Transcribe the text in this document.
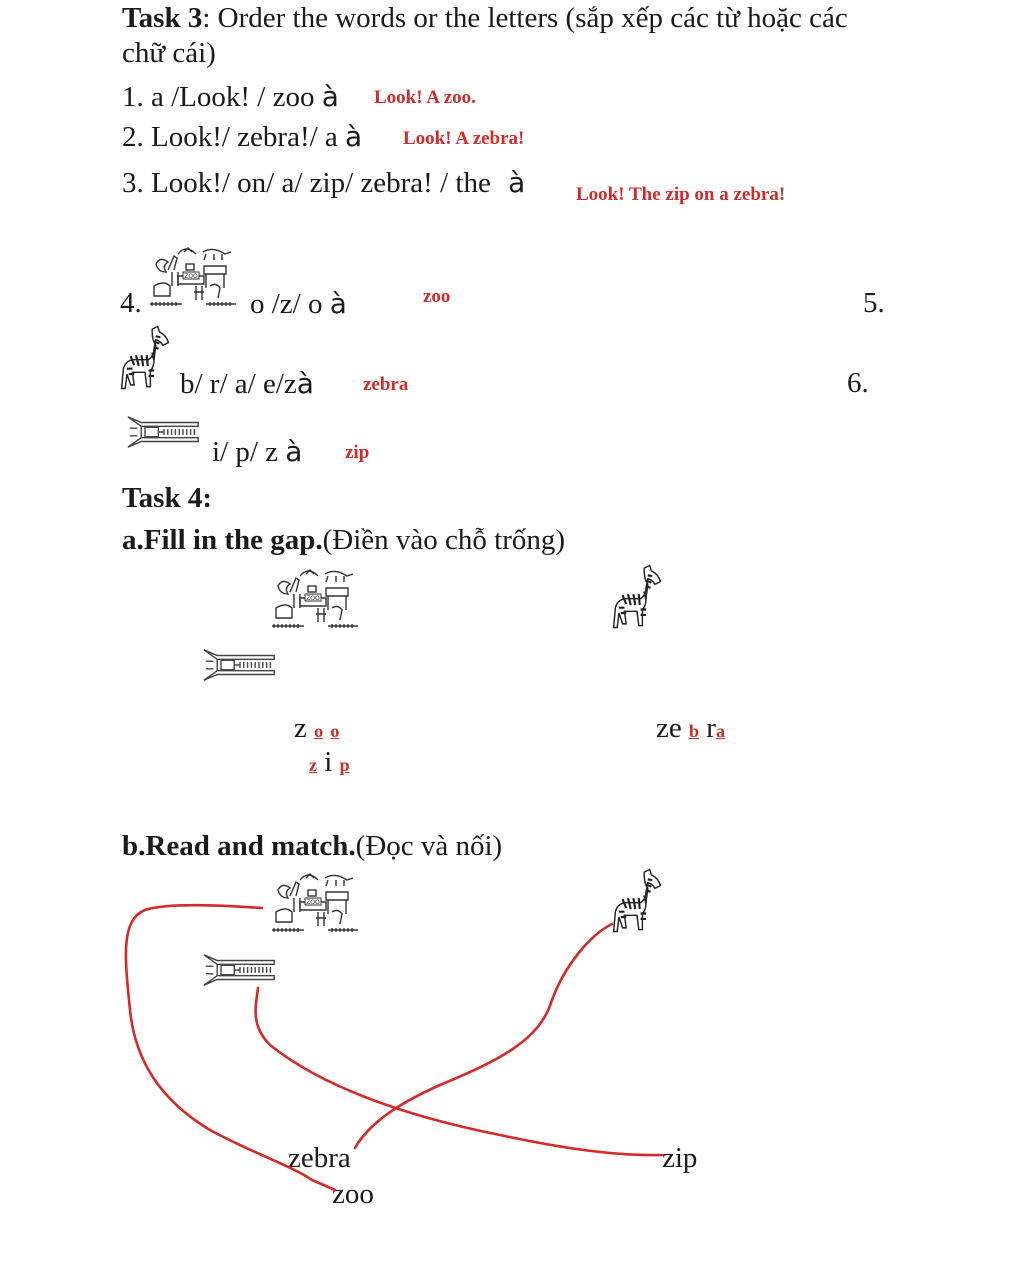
Task 3: Order the words or the letters (sắp xếp các từ hoặc các
chữ cái)
1. a /Look! / zoo à Look! A zoo.
2. Look!/ zebra!/ a à Look! A zebra!
3. Look!/ on/ a/ zip/ zebra! / the à	Look! The zip on a zebra!
4.	o /z/ o à	zoo	5.
b/ r/ a/ e/zà	zebra	6.
i/ p/ z à zip
Task 4:
a.Fill in the gap.(Điền vào chỗ trống)
z o o	ze b ra
z i p
b.Read and match.(Đọc và nối)
zebra
zoo
zip
